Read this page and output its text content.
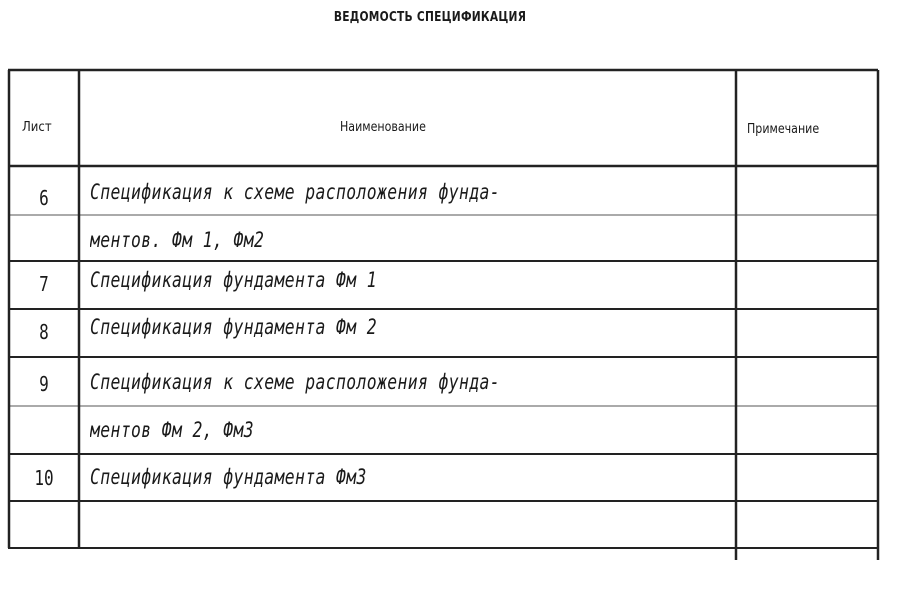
ВЕДОМОСТЬ СПЕЦИФИКАЦИЯ
Лист	Наименование	Примечание
6	Спецификация к схеме расположения фунда-
ментов. Фм 1, Фм2
7	Спецификация фундамента Фм 1
8	Спецификация фундамента Фм 2
9	Спецификация к схеме расположения фунда-
ментов Фм 2, Фм3
10	Спецификация фундамента Фм3
